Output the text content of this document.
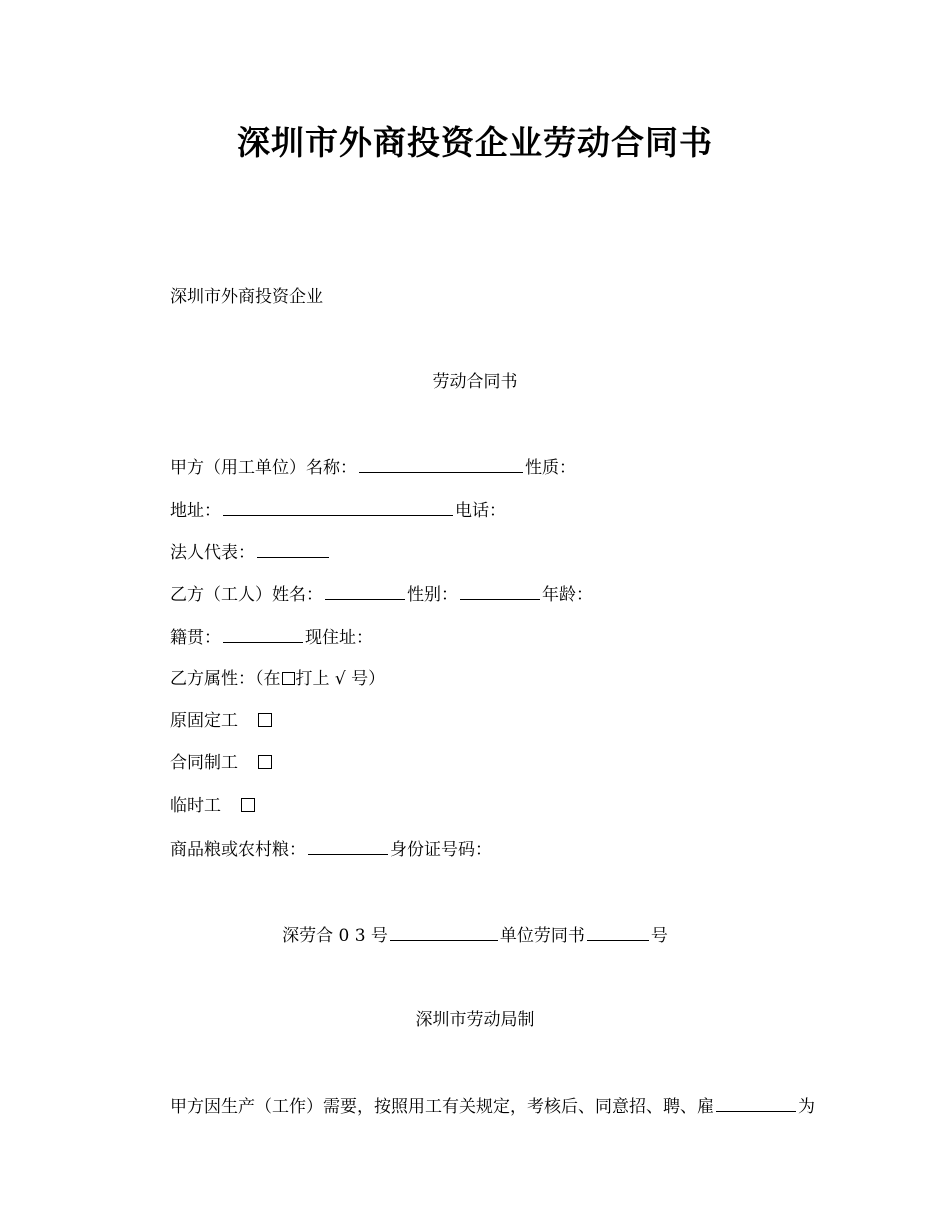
深圳市外商投资企业劳动合同书
深圳市外商投资企业
劳动合同书
甲方（用工单位）名称：	性质：
地址：	电话：
法人代表：
乙方（工人）姓名：	性别：	年龄：
籍贯：	现住址：
乙方属性：（在 打上 √ 号）
原固定工
合同制工
临时工
商品粮或农村粮：	身份证号码：
深劳合 0 3 号	单位劳同书	号
深圳市劳动局制
甲方因生产（工作）需要，按照用工有关规定，考核后、同意招、聘、雇	为
